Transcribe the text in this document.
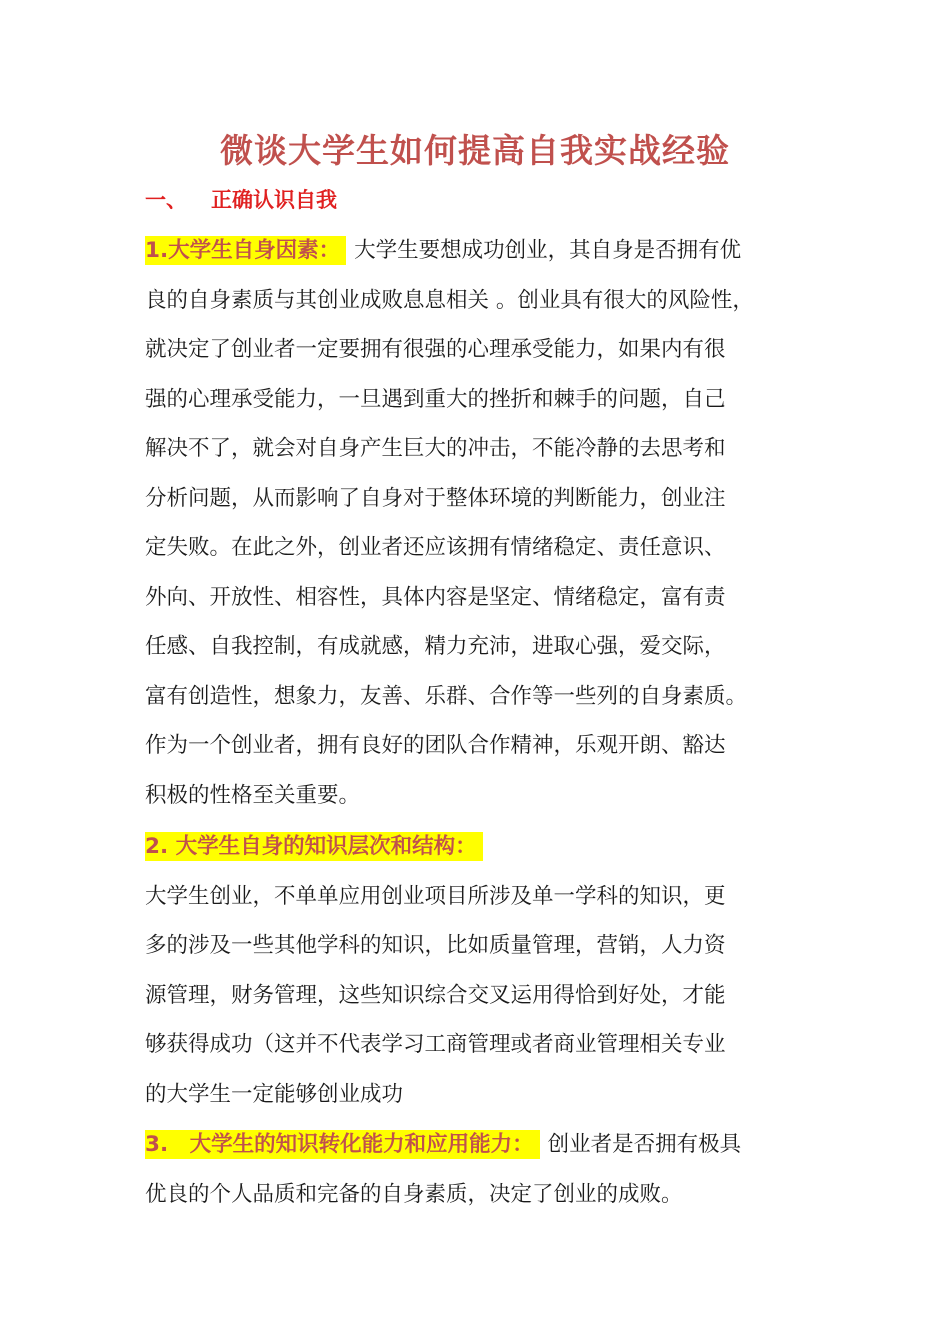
微谈大学生如何提高自我实战经验
一、 正确认识自我
1.大学生自身因素： 大学生要想成功创业，其自身是否拥有优
良的自身素质与其创业成败息息相关 。创业具有很大的风险性，
就决定了创业者一定要拥有很强的心理承受能力，如果内有很
强的心理承受能力，一旦遇到重大的挫折和棘手的问题，自己
解决不了，就会对自身产生巨大的冲击，不能冷静的去思考和
分析问题，从而影响了自身对于整体环境的判断能力，创业注
定失败。在此之外，创业者还应该拥有情绪稳定、责任意识、
外向、开放性、相容性，具体内容是坚定、情绪稳定，富有责
任感、自我控制，有成就感，精力充沛，进取心强，爱交际，
富有创造性，想象力，友善、乐群、合作等一些列的自身素质。
作为一个创业者，拥有良好的团队合作精神，乐观开朗、豁达
积极的性格至关重要。
2. 大学生自身的知识层次和结构：
大学生创业，不单单应用创业项目所涉及单一学科的知识，更
多的涉及一些其他学科的知识，比如质量管理，营销，人力资
源管理，财务管理，这些知识综合交叉运用得恰到好处，才能
够获得成功（这并不代表学习工商管理或者商业管理相关专业
的大学生一定能够创业成功
3.　大学生的知识转化能力和应用能力： 创业者是否拥有极具
优良的个人品质和完备的自身素质，决定了创业的成败。
